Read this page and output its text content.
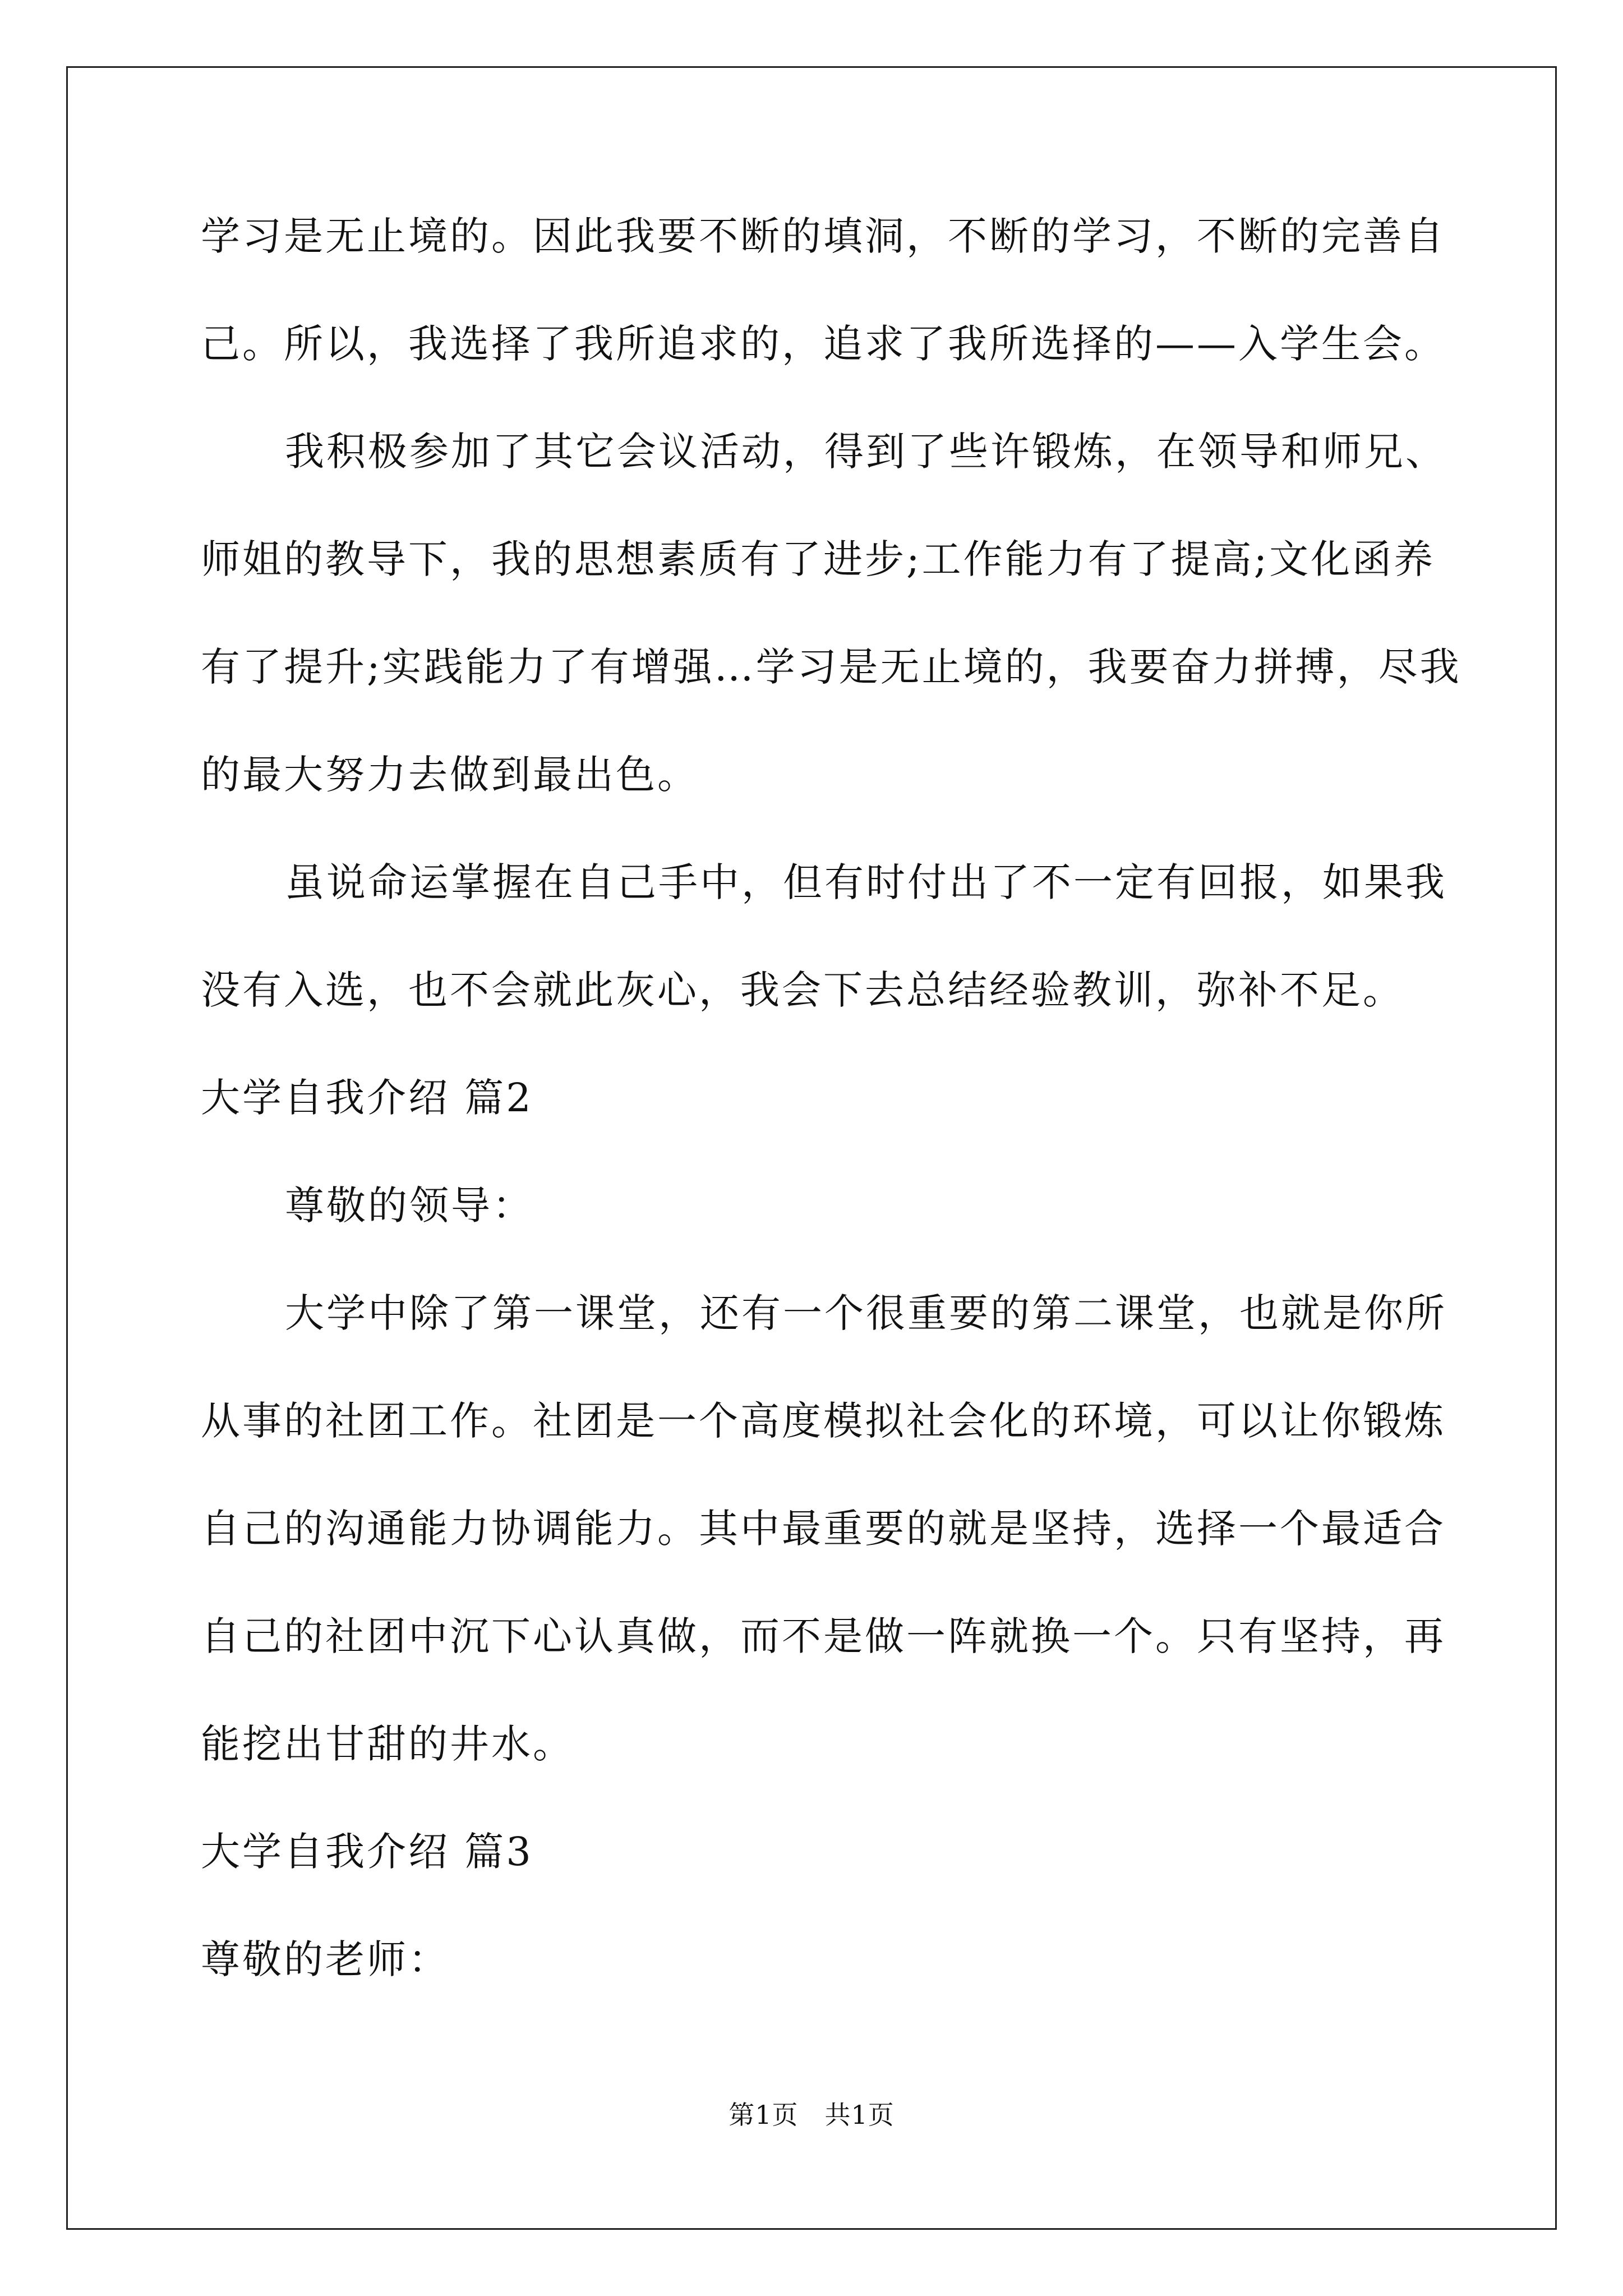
学习是无止境的。因此我要不断的填洞，不断的学习，不断的完善自
己。所以，我选择了我所追求的，追求了我所选择的——入学生会。
我积极参加了其它会议活动，得到了些许锻炼，在领导和师兄、
师姐的教导下，我的思想素质有了进步;工作能力有了提高;文化函养
有了提升;实践能力了有增强…学习是无止境的，我要奋力拼搏，尽我
的最大努力去做到最出色。
虽说命运掌握在自己手中，但有时付出了不一定有回报，如果我
没有入选，也不会就此灰心，我会下去总结经验教训，弥补不足。
大学自我介绍 篇2
尊敬的领导：
大学中除了第一课堂，还有一个很重要的第二课堂，也就是你所
从事的社团工作。社团是一个高度模拟社会化的环境，可以让你锻炼
自己的沟通能力协调能力。其中最重要的就是坚持，选择一个最适合
自己的社团中沉下心认真做，而不是做一阵就换一个。只有坚持，再
能挖出甘甜的井水。
大学自我介绍 篇3
尊敬的老师：
第1页　共1页
